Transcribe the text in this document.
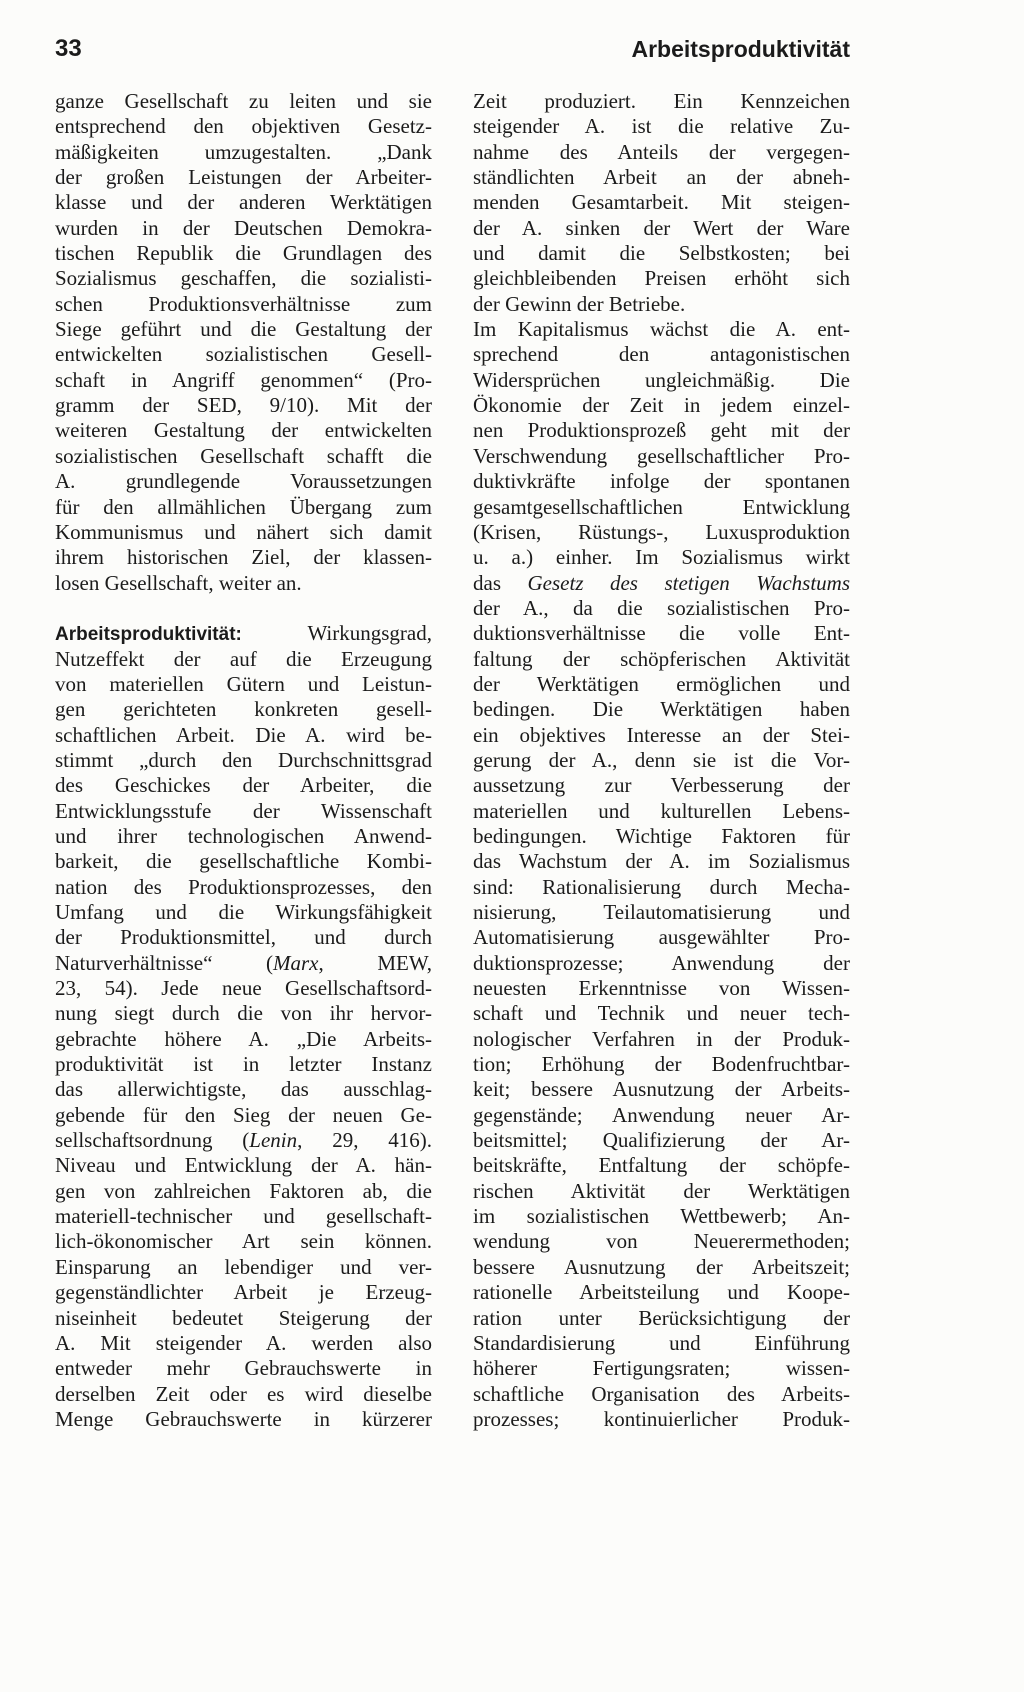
33	Arbeitsproduktivität
ganze Gesellschaft zu leiten und sie
entsprechend den objektiven Gesetz-
mäßigkeiten umzugestalten. „Dank
der großen Leistungen der Arbeiter-
klasse und der anderen Werktätigen
wurden in der Deutschen Demokra-
tischen Republik die Grundlagen des
Sozialismus geschaffen, die sozialisti-
schen Produktionsverhältnisse zum
Siege geführt und die Gestaltung der
entwickelten sozialistischen Gesell-
schaft in Angriff genommen“ (Pro-
gramm der SED, 9/10). Mit der
weiteren Gestaltung der entwickelten
sozialistischen Gesellschaft schafft die
A. grundlegende Voraussetzungen
für den allmählichen Übergang zum
Kommunismus und nähert sich damit
ihrem historischen Ziel, der klassen-
losen Gesellschaft, weiter an.
Arbeitsproduktivität: Wirkungsgrad,
Nutzeffekt der auf die Erzeugung
von materiellen Gütern und Leistun-
gen gerichteten konkreten gesell-
schaftlichen Arbeit. Die A. wird be-
stimmt „durch den Durchschnittsgrad
des Geschickes der Arbeiter, die
Entwicklungsstufe der Wissenschaft
und ihrer technologischen Anwend-
barkeit, die gesellschaftliche Kombi-
nation des Produktionsprozesses, den
Umfang und die Wirkungsfähigkeit
der Produktionsmittel, und durch
Naturverhältnisse“ (Marx, MEW,
23, 54). Jede neue Gesellschaftsord-
nung siegt durch die von ihr hervor-
gebrachte höhere A. „Die Arbeits-
produktivität ist in letzter Instanz
das allerwichtigste, das ausschlag-
gebende für den Sieg der neuen Ge-
sellschaftsordnung (Lenin, 29, 416).
Niveau und Entwicklung der A. hän-
gen von zahlreichen Faktoren ab, die
materiell-technischer und gesellschaft-
lich-ökonomischer Art sein können.
Einsparung an lebendiger und ver-
gegenständlichter Arbeit je Erzeug-
niseinheit bedeutet Steigerung der
A. Mit steigender A. werden also
entweder mehr Gebrauchswerte in
derselben Zeit oder es wird dieselbe
Menge Gebrauchswerte in kürzerer
Zeit produziert. Ein Kennzeichen
steigender A. ist die relative Zu-
nahme des Anteils der vergegen-
ständlichten Arbeit an der abneh-
menden Gesamtarbeit. Mit steigen-
der A. sinken der Wert der Ware
und damit die Selbstkosten; bei
gleichbleibenden Preisen erhöht sich
der Gewinn der Betriebe.
Im Kapitalismus wächst die A. ent-
sprechend den antagonistischen
Widersprüchen ungleichmäßig. Die
Ökonomie der Zeit in jedem einzel-
nen Produktionsprozeß geht mit der
Verschwendung gesellschaftlicher Pro-
duktivkräfte infolge der spontanen
gesamtgesellschaftlichen Entwicklung
(Krisen, Rüstungs-, Luxusproduktion
u. a.) einher. Im Sozialismus wirkt
das Gesetz des stetigen Wachstums
der A., da die sozialistischen Pro-
duktionsverhältnisse die volle Ent-
faltung der schöpferischen Aktivität
der Werktätigen ermöglichen und
bedingen. Die Werktätigen haben
ein objektives Interesse an der Stei-
gerung der A., denn sie ist die Vor-
aussetzung zur Verbesserung der
materiellen und kulturellen Lebens-
bedingungen. Wichtige Faktoren für
das Wachstum der A. im Sozialismus
sind: Rationalisierung durch Mecha-
nisierung, Teilautomatisierung und
Automatisierung ausgewählter Pro-
duktionsprozesse; Anwendung der
neuesten Erkenntnisse von Wissen-
schaft und Technik und neuer tech-
nologischer Verfahren in der Produk-
tion; Erhöhung der Bodenfruchtbar-
keit; bessere Ausnutzung der Arbeits-
gegenstände; Anwendung neuer Ar-
beitsmittel; Qualifizierung der Ar-
beitskräfte, Entfaltung der schöpfe-
rischen Aktivität der Werktätigen
im sozialistischen Wettbewerb; An-
wendung von Neuerermethoden;
bessere Ausnutzung der Arbeitszeit;
rationelle Arbeitsteilung und Koope-
ration unter Berücksichtigung der
Standardisierung und Einführung
höherer Fertigungsraten; wissen-
schaftliche Organisation des Arbeits-
prozesses; kontinuierlicher Produk-
